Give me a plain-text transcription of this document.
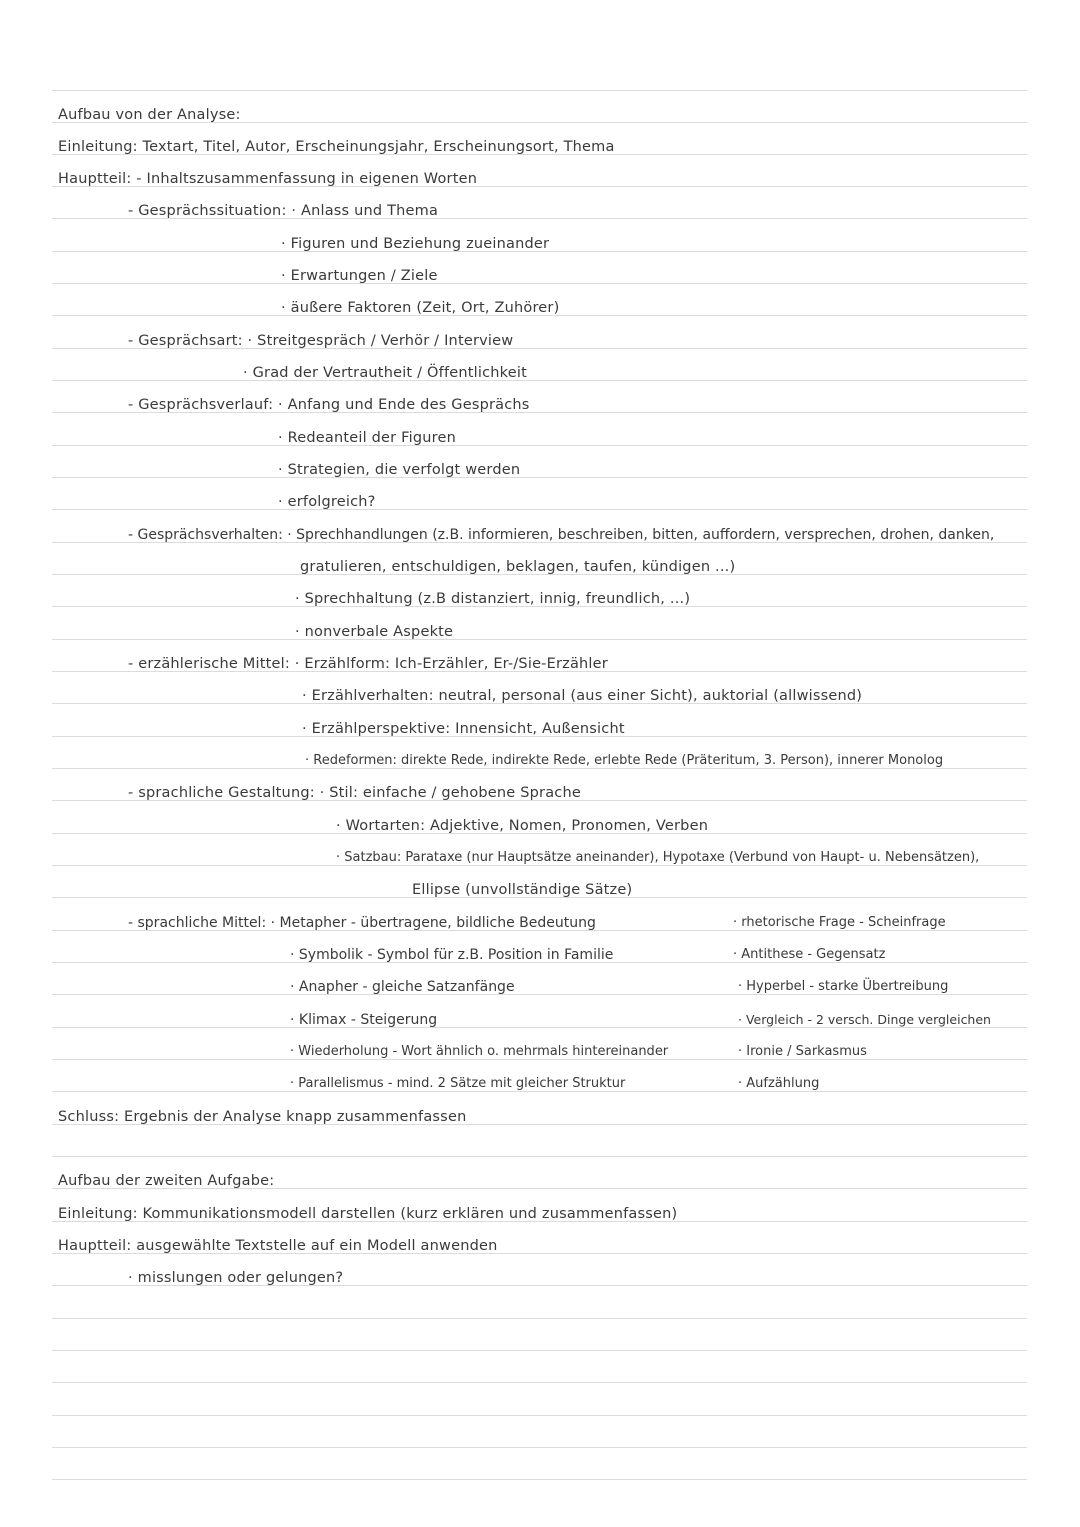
Aufbau von der Analyse:
Einleitung: Textart, Titel, Autor, Erscheinungsjahr, Erscheinungsort, Thema
Hauptteil: - Inhaltszusammenfassung in eigenen Worten
- Gesprächssituation: · Anlass und Thema
· Figuren und Beziehung zueinander
· Erwartungen / Ziele
· äußere Faktoren (Zeit, Ort, Zuhörer)
- Gesprächsart: · Streitgespräch / Verhör / Interview
· Grad der Vertrautheit / Öffentlichkeit
- Gesprächsverlauf: · Anfang und Ende des Gesprächs
· Redeanteil der Figuren
· Strategien, die verfolgt werden
· erfolgreich?
- Gesprächsverhalten: · Sprechhandlungen (z.B. informieren, beschreiben, bitten, auffordern, versprechen, drohen, danken,
gratulieren, entschuldigen, beklagen, taufen, kündigen ...)
· Sprechhaltung (z.B distanziert, innig, freundlich, ...)
· nonverbale Aspekte
- erzählerische Mittel: · Erzählform: Ich-Erzähler, Er-/Sie-Erzähler
· Erzählverhalten: neutral, personal (aus einer Sicht), auktorial (allwissend)
· Erzählperspektive: Innensicht, Außensicht
· Redeformen: direkte Rede, indirekte Rede, erlebte Rede (Präteritum, 3. Person), innerer Monolog
- sprachliche Gestaltung: · Stil: einfache / gehobene Sprache
· Wortarten: Adjektive, Nomen, Pronomen, Verben
· Satzbau: Parataxe (nur Hauptsätze aneinander), Hypotaxe (Verbund von Haupt- u. Nebensätzen),
Ellipse (unvollständige Sätze)
- sprachliche Mittel: · Metapher - übertragene, bildliche Bedeutung
· Symbolik - Symbol für z.B. Position in Familie
· Anapher - gleiche Satzanfänge
· Klimax - Steigerung
· Wiederholung - Wort ähnlich o. mehrmals hintereinander
· Parallelismus - mind. 2 Sätze mit gleicher Struktur
· rhetorische Frage - Scheinfrage
· Antithese - Gegensatz
· Hyperbel - starke Übertreibung
· Vergleich - 2 versch. Dinge vergleichen
· Ironie / Sarkasmus
· Aufzählung
Schluss: Ergebnis der Analyse knapp zusammenfassen
Aufbau der zweiten Aufgabe:
Einleitung: Kommunikationsmodell darstellen (kurz erklären und zusammenfassen)
Hauptteil: ausgewählte Textstelle auf ein Modell anwenden
· misslungen oder gelungen?
